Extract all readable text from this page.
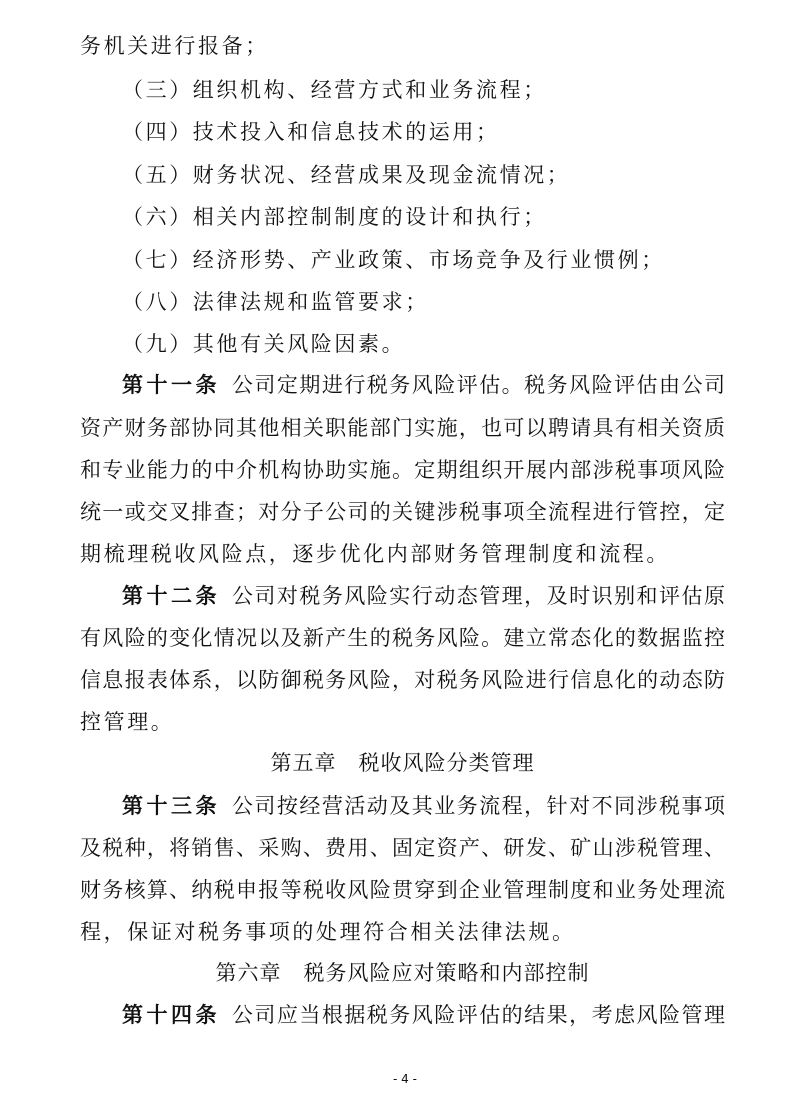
务机关进行报备；
（三）组织机构、经营方式和业务流程；
（四）技术投入和信息技术的运用；
（五）财务状况、经营成果及现金流情况；
（六）相关内部控制制度的设计和执行；
（七）经济形势、产业政策、市场竞争及行业惯例；
（八）法律法规和监管要求；
（九）其他有关风险因素。
第十一条 公司定期进行税务风险评估。税务风险评估由公司
资产财务部协同其他相关职能部门实施，也可以聘请具有相关资质
和专业能力的中介机构协助实施。定期组织开展内部涉税事项风险
统一或交叉排查；对分子公司的关键涉税事项全流程进行管控，定
期梳理税收风险点，逐步优化内部财务管理制度和流程。
第十二条 公司对税务风险实行动态管理，及时识别和评估原
有风险的变化情况以及新产生的税务风险。建立常态化的数据监控
信息报表体系，以防御税务风险，对税务风险进行信息化的动态防
控管理。
第五章 税收风险分类管理
第十三条 公司按经营活动及其业务流程，针对不同涉税事项
及税种，将销售、采购、费用、固定资产、研发、矿山涉税管理、
财务核算、纳税申报等税收风险贯穿到企业管理制度和业务处理流
程，保证对税务事项的处理符合相关法律法规。
第六章 税务风险应对策略和内部控制
第十四条 公司应当根据税务风险评估的结果，考虑风险管理
- 4 -
